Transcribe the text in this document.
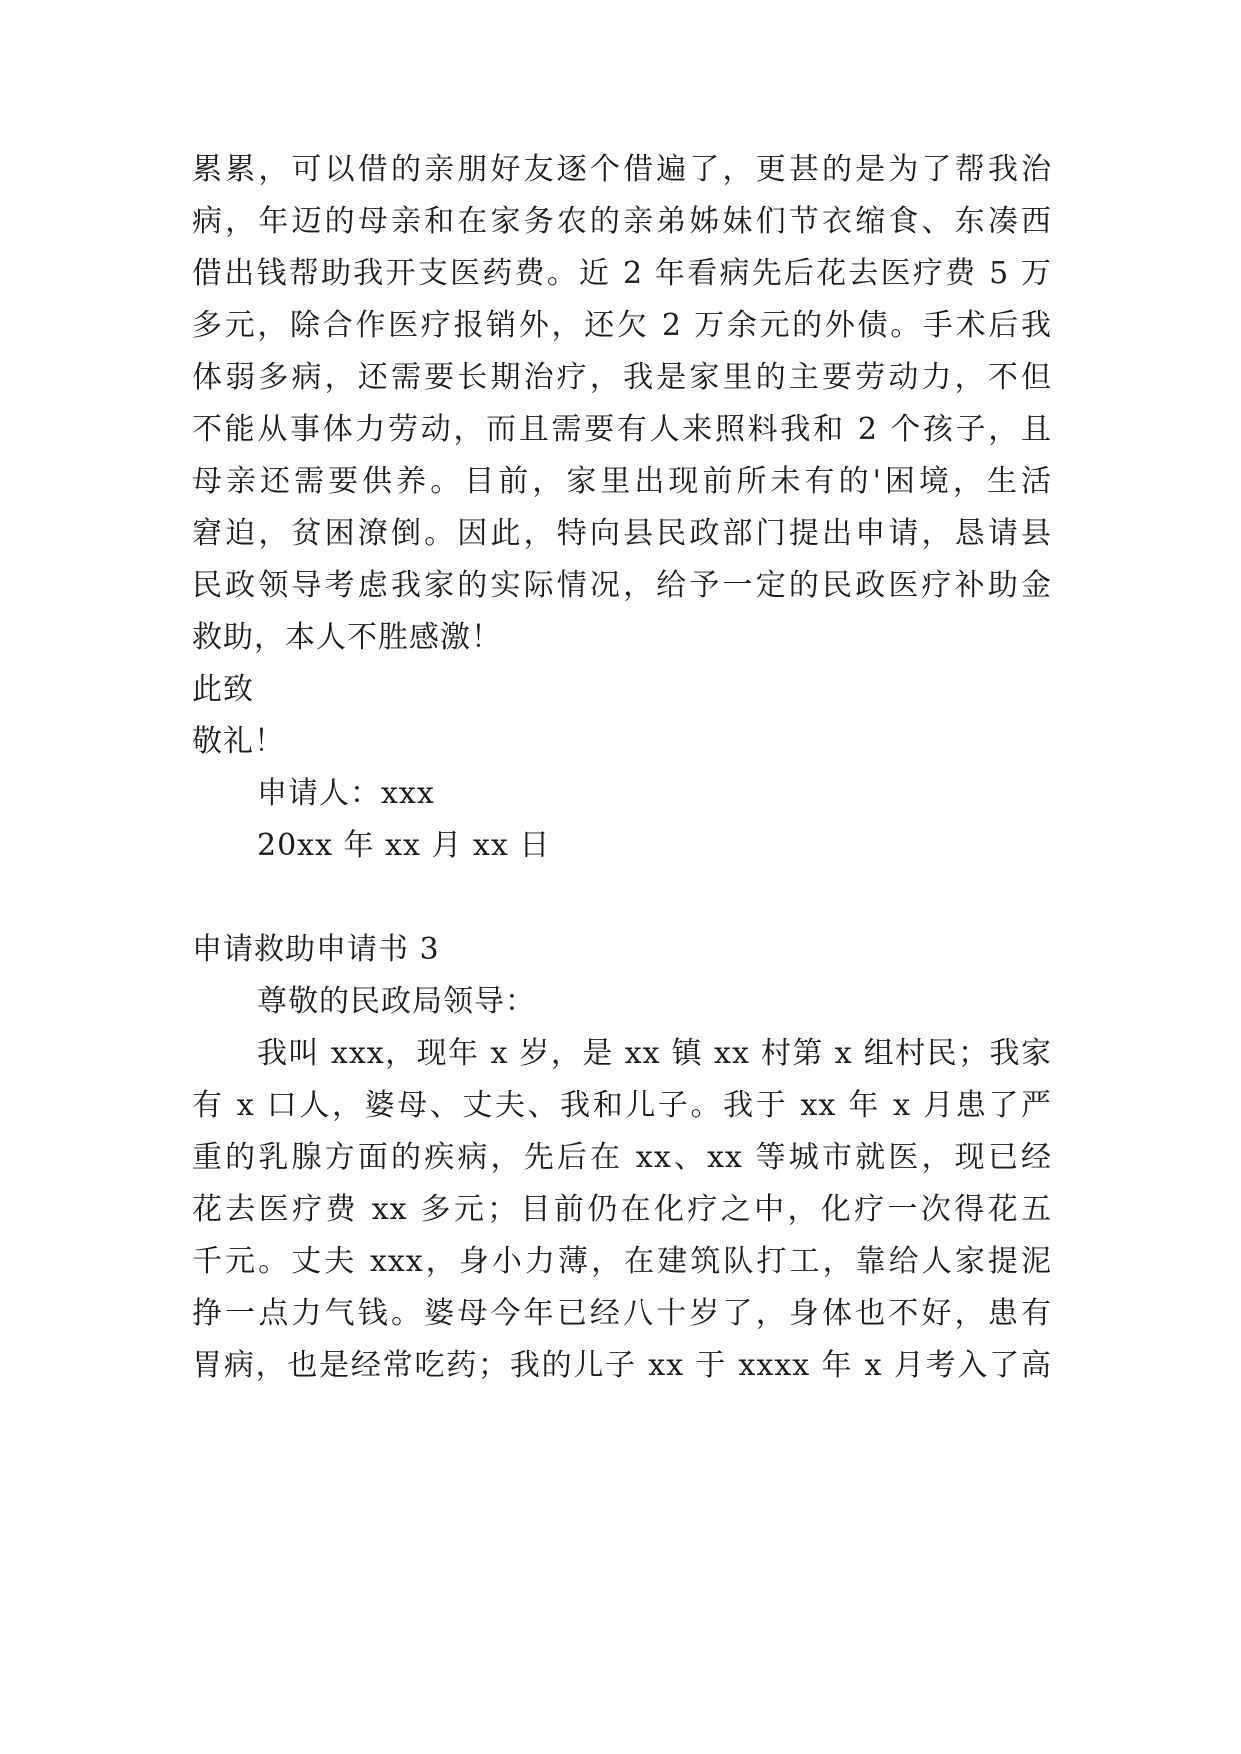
累累，可以借的亲朋好友逐个借遍了，更甚的是为了帮我治
病，年迈的母亲和在家务农的亲弟姊妹们节衣缩食、东凑西
借出钱帮助我开支医药费。近 2 年看病先后花去医疗费 5 万
多元，除合作医疗报销外，还欠 2 万余元的外债。手术后我
体弱多病，还需要长期治疗，我是家里的主要劳动力，不但
不能从事体力劳动，而且需要有人来照料我和 2 个孩子，且
母亲还需要供养。目前，家里出现前所未有的'困境，生活
窘迫，贫困潦倒。因此，特向县民政部门提出申请，恳请县
民政领导考虑我家的实际情况，给予一定的民政医疗补助金
救助，本人不胜感激！
此致
敬礼！
申请人：xxx
20xx 年 xx 月 xx 日
申请救助申请书 3
尊敬的民政局领导：
我叫 xxx，现年 x 岁，是 xx 镇 xx 村第 x 组村民；我家
有 x 口人，婆母、丈夫、我和儿子。我于 xx 年 x 月患了严
重的乳腺方面的疾病，先后在 xx、xx 等城市就医，现已经
花去医疗费 xx 多元；目前仍在化疗之中，化疗一次得花五
千元。丈夫 xxx，身小力薄，在建筑队打工，靠给人家提泥
挣一点力气钱。婆母今年已经八十岁了，身体也不好，患有
胃病，也是经常吃药；我的儿子 xx 于 xxxx 年 x 月考入了高
